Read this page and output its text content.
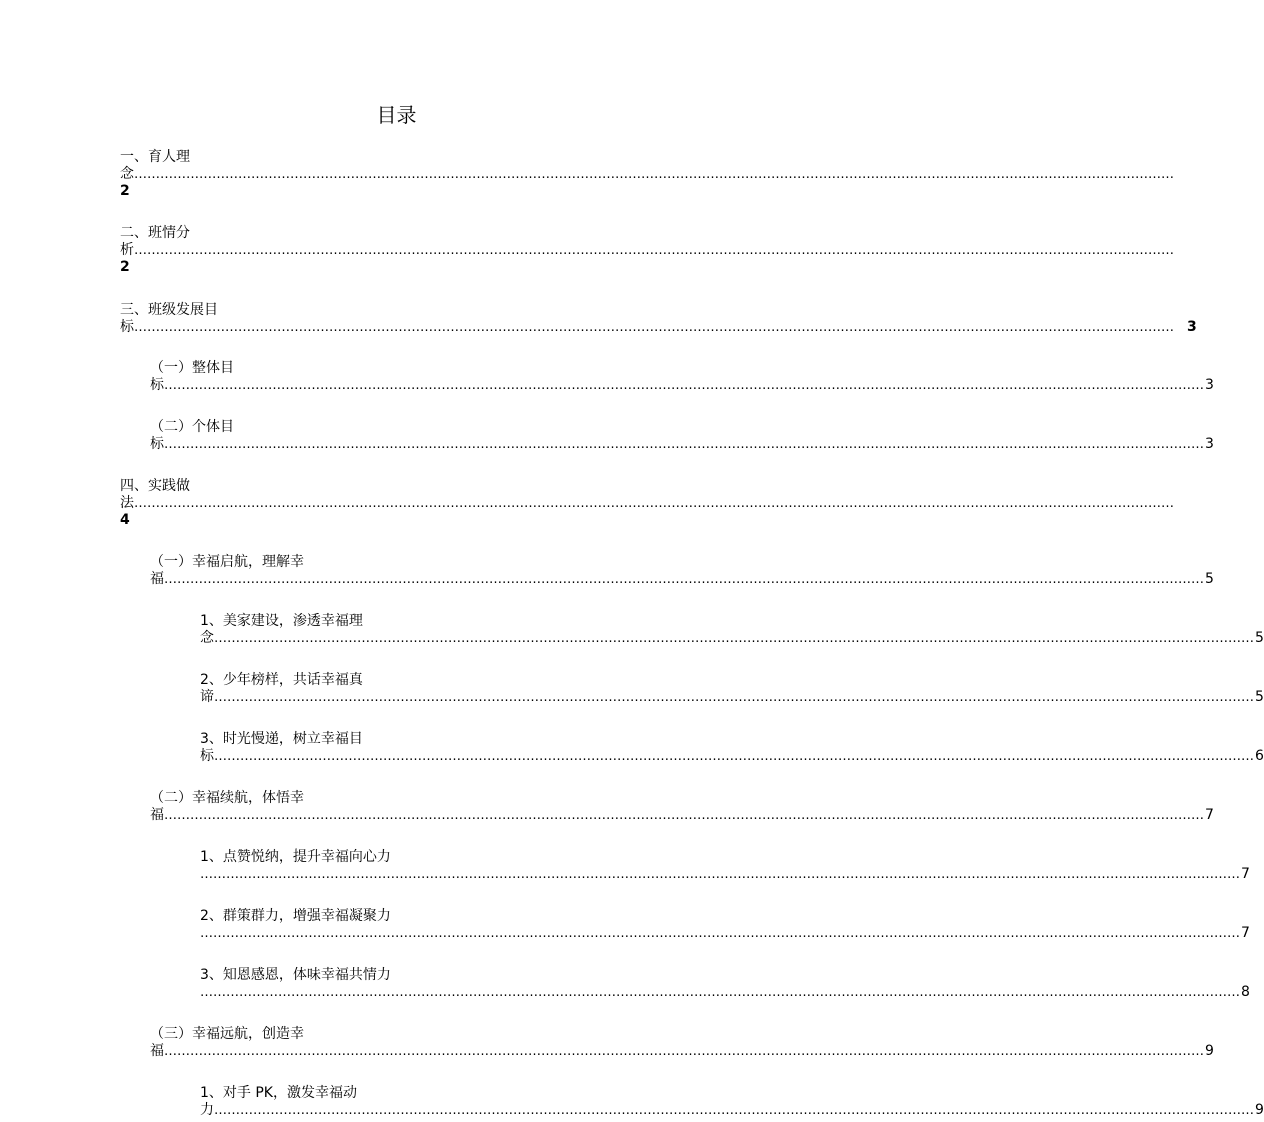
目录
一、育人理
念 ……………………………………………………………………………………………………………………………………………………………………………………………………………………
2
二、班情分
析 ……………………………………………………………………………………………………………………………………………………………………………………………………………………
2
三、班级发展目
标 …………………………………………………………………………………………………………………………………………………………………………………………………………………… 3
（一）整体目
标 …………………………………………………………………………………………………………………………………………………………………………………………………………………… 3
（二）个体目
标 …………………………………………………………………………………………………………………………………………………………………………………………………………………… 3
四、实践做
法 ……………………………………………………………………………………………………………………………………………………………………………………………………………………
4
（一）幸福启航，理解幸
福 …………………………………………………………………………………………………………………………………………………………………………………………………………………… 5
1、美家建设，渗透幸福理
念 …………………………………………………………………………………………………………………………………………………………………………………………………………………… 5
2、少年榜样，共话幸福真
谛 …………………………………………………………………………………………………………………………………………………………………………………………………………………… 5
3、时光慢递，树立幸福目
标 …………………………………………………………………………………………………………………………………………………………………………………………………………………… 6
（二）幸福续航，体悟幸
福 …………………………………………………………………………………………………………………………………………………………………………………………………………………… 7
1、点赞悦纳，提升幸福向心力
…………………………………………………………………………………………………………………………………………………………………………………………………………………… 7
2、群策群力，增强幸福凝聚力
…………………………………………………………………………………………………………………………………………………………………………………………………………………… 7
3、知恩感恩，体味幸福共情力
…………………………………………………………………………………………………………………………………………………………………………………………………………………… 8
（三）幸福远航，创造幸
福 …………………………………………………………………………………………………………………………………………………………………………………………………………………… 9
1、对手 PK，激发幸福动
力 …………………………………………………………………………………………………………………………………………………………………………………………………………………… 9
